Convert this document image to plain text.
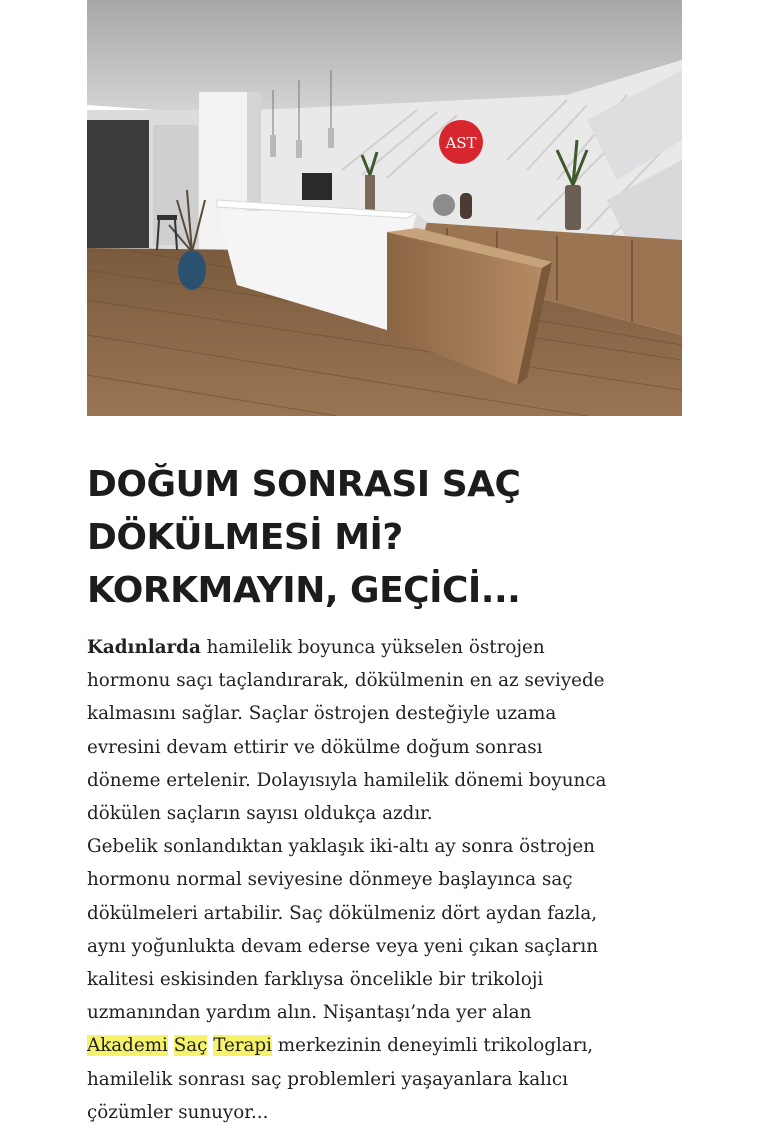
AST
DOĞUM SONRASI SAÇ
DÖKÜLMESİ Mİ?
KORKMAYIN, GEÇİCİ...
Kadınlarda hamilelik boyunca yükselen östrojen
hormonu saçı taçlandırarak, dökülmenin en az seviyede
kalmasını sağlar. Saçlar östrojen desteğiyle uzama
evresini devam ettirir ve dökülme doğum sonrası
döneme ertelenir. Dolayısıyla hamilelik dönemi boyunca
dökülen saçların sayısı oldukça azdır.
Gebelik sonlandıktan yaklaşık iki-altı ay sonra östrojen
hormonu normal seviyesine dönmeye başlayınca saç
dökülmeleri artabilir. Saç dökülmeniz dört aydan fazla,
aynı yoğunlukta devam ederse veya yeni çıkan saçların
kalitesi eskisinden farklıysa öncelikle bir trikoloji
uzmanından yardım alın. Nişantaşı’nda yer alan
Akademi Saç Terapi merkezinin deneyimli trikologları,
hamilelik sonrası saç problemleri yaşayanlara kalıcı
çözümler sunuyor...
